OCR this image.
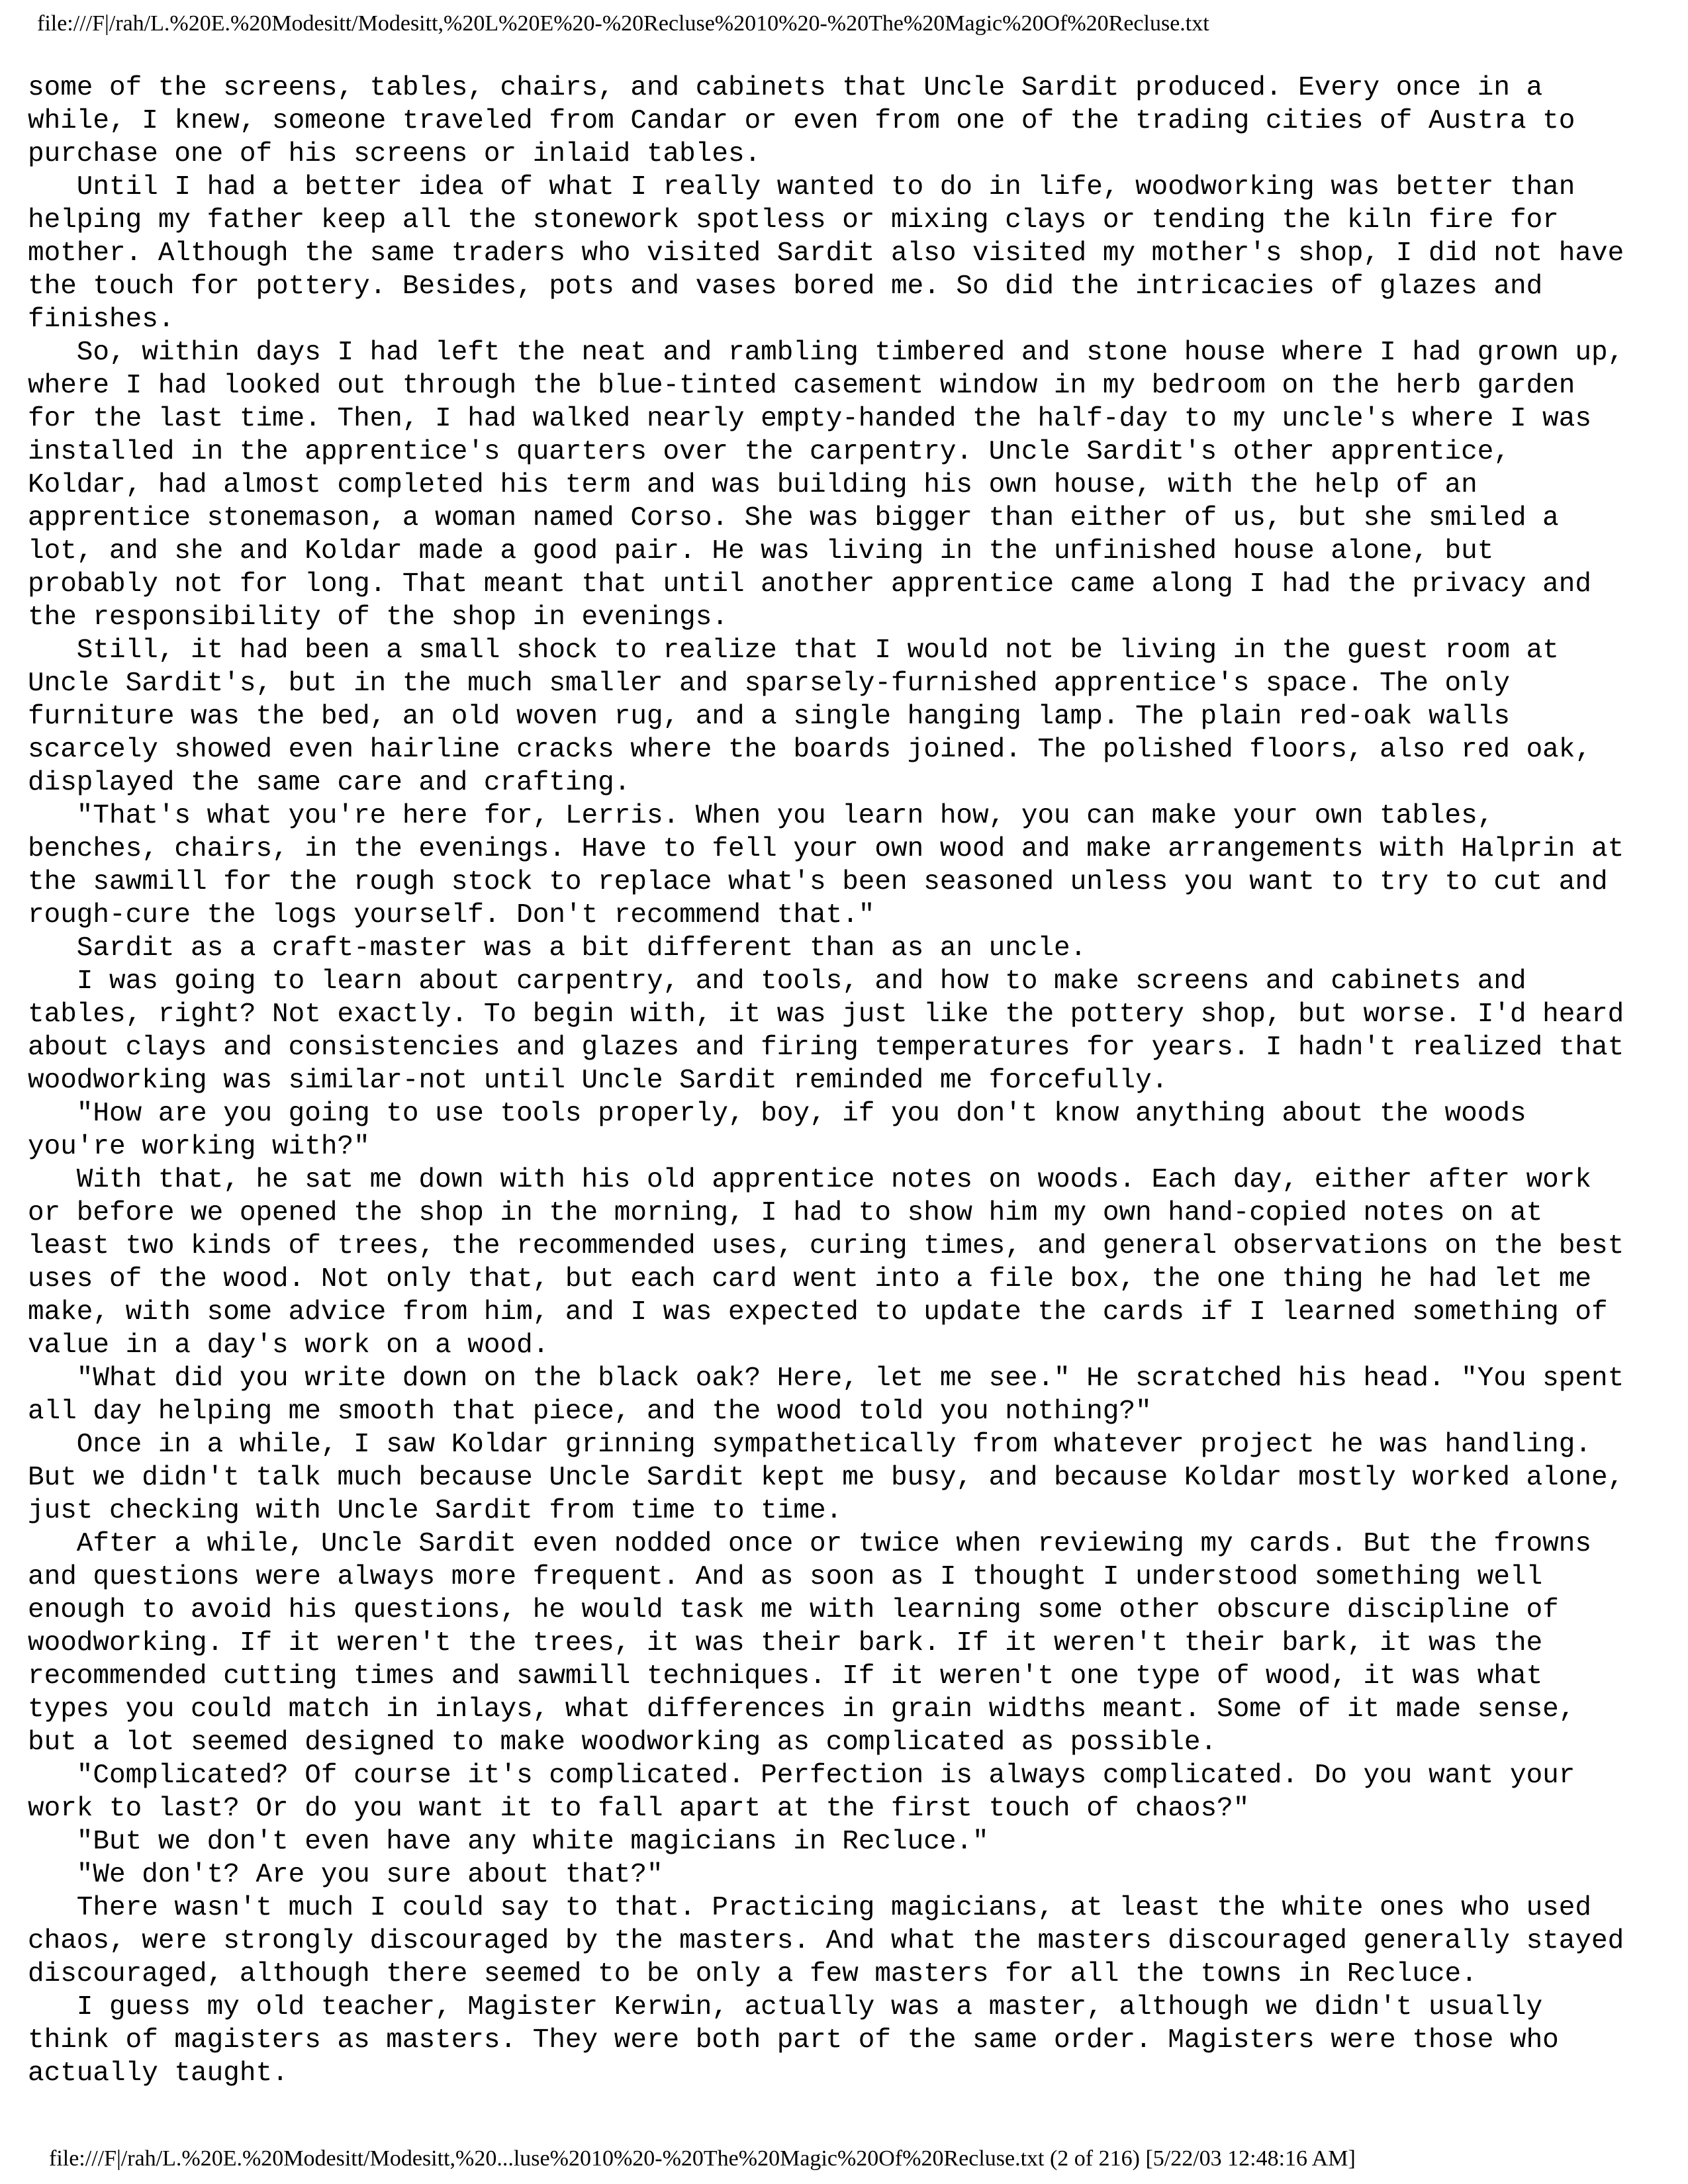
file:///F|/rah/L.%20E.%20Modesitt/Modesitt,%20L%20E%20-%20Recluse%2010%20-%20The%20Magic%20Of%20Recluse.txt
some of the screens, tables, chairs, and cabinets that Uncle Sardit produced. Every once in a
while, I knew, someone traveled from Candar or even from one of the trading cities of Austra to
purchase one of his screens or inlaid tables.
Until I had a better idea of what I really wanted to do in life, woodworking was better than
helping my father keep all the stonework spotless or mixing clays or tending the kiln fire for
mother. Although the same traders who visited Sardit also visited my mother's shop, I did not have
the touch for pottery. Besides, pots and vases bored me. So did the intricacies of glazes and
finishes.
So, within days I had left the neat and rambling timbered and stone house where I had grown up,
where I had looked out through the blue-tinted casement window in my bedroom on the herb garden
for the last time. Then, I had walked nearly empty-handed the half-day to my uncle's where I was
installed in the apprentice's quarters over the carpentry. Uncle Sardit's other apprentice,
Koldar, had almost completed his term and was building his own house, with the help of an
apprentice stonemason, a woman named Corso. She was bigger than either of us, but she smiled a
lot, and she and Koldar made a good pair. He was living in the unfinished house alone, but
probably not for long. That meant that until another apprentice came along I had the privacy and
the responsibility of the shop in evenings.
Still, it had been a small shock to realize that I would not be living in the guest room at
Uncle Sardit's, but in the much smaller and sparsely-furnished apprentice's space. The only
furniture was the bed, an old woven rug, and a single hanging lamp. The plain red-oak walls
scarcely showed even hairline cracks where the boards joined. The polished floors, also red oak,
displayed the same care and crafting.
"That's what you're here for, Lerris. When you learn how, you can make your own tables,
benches, chairs, in the evenings. Have to fell your own wood and make arrangements with Halprin at
the sawmill for the rough stock to replace what's been seasoned unless you want to try to cut and
rough-cure the logs yourself. Don't recommend that."
Sardit as a craft-master was a bit different than as an uncle.
I was going to learn about carpentry, and tools, and how to make screens and cabinets and
tables, right? Not exactly. To begin with, it was just like the pottery shop, but worse. I'd heard
about clays and consistencies and glazes and firing temperatures for years. I hadn't realized that
woodworking was similar-not until Uncle Sardit reminded me forcefully.
"How are you going to use tools properly, boy, if you don't know anything about the woods
you're working with?"
With that, he sat me down with his old apprentice notes on woods. Each day, either after work
or before we opened the shop in the morning, I had to show him my own hand-copied notes on at
least two kinds of trees, the recommended uses, curing times, and general observations on the best
uses of the wood. Not only that, but each card went into a file box, the one thing he had let me
make, with some advice from him, and I was expected to update the cards if I learned something of
value in a day's work on a wood.
"What did you write down on the black oak? Here, let me see." He scratched his head. "You spent
all day helping me smooth that piece, and the wood told you nothing?"
Once in a while, I saw Koldar grinning sympathetically from whatever project he was handling.
But we didn't talk much because Uncle Sardit kept me busy, and because Koldar mostly worked alone,
just checking with Uncle Sardit from time to time.
After a while, Uncle Sardit even nodded once or twice when reviewing my cards. But the frowns
and questions were always more frequent. And as soon as I thought I understood something well
enough to avoid his questions, he would task me with learning some other obscure discipline of
woodworking. If it weren't the trees, it was their bark. If it weren't their bark, it was the
recommended cutting times and sawmill techniques. If it weren't one type of wood, it was what
types you could match in inlays, what differences in grain widths meant. Some of it made sense,
but a lot seemed designed to make woodworking as complicated as possible.
"Complicated? Of course it's complicated. Perfection is always complicated. Do you want your
work to last? Or do you want it to fall apart at the first touch of chaos?"
"But we don't even have any white magicians in Recluce."
"We don't? Are you sure about that?"
There wasn't much I could say to that. Practicing magicians, at least the white ones who used
chaos, were strongly discouraged by the masters. And what the masters discouraged generally stayed
discouraged, although there seemed to be only a few masters for all the towns in Recluce.
I guess my old teacher, Magister Kerwin, actually was a master, although we didn't usually
think of magisters as masters. They were both part of the same order. Magisters were those who
actually taught.
file:///F|/rah/L.%20E.%20Modesitt/Modesitt,%20...luse%2010%20-%20The%20Magic%20Of%20Recluse.txt (2 of 216) [5/22/03 12:48:16 AM]
